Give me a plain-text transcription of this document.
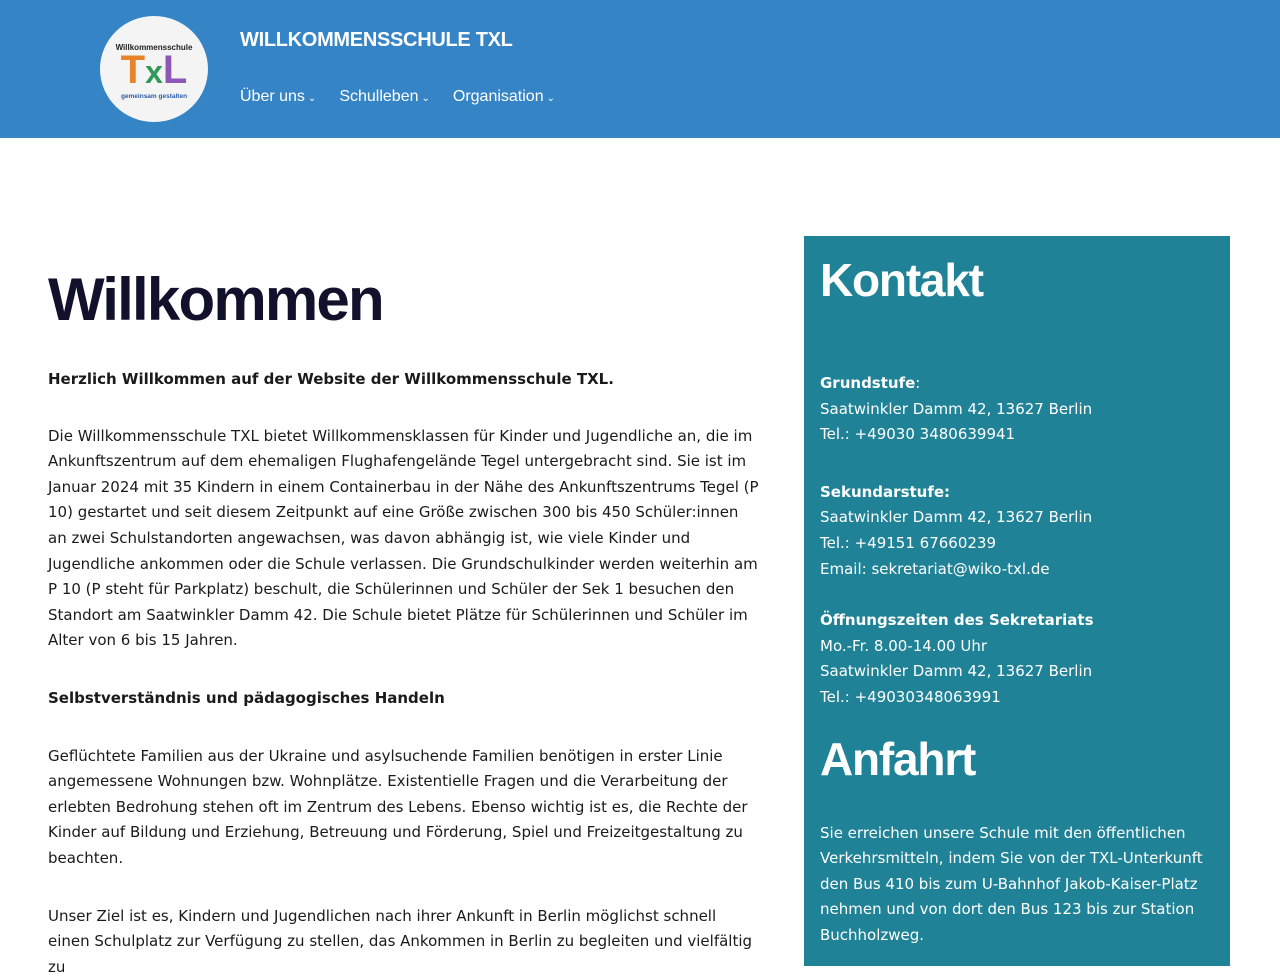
Willkommensschule
TxL
gemeinsam gestalten
WILLKOMMENSSCHULE TXL
Über uns ⌄ Schulleben ⌄ Organisation ⌄
Willkommen

Herzlich Willkommen auf der Website der Willkommensschule TXL.

Die Willkommensschule TXL bietet Willkommensklassen für Kinder und Jugendliche an, die im Ankunftszentrum auf dem ehemaligen Flughafengelände Tegel untergebracht sind. Sie ist im Januar 2024 mit 35 Kindern in einem Containerbau in der Nähe des Ankunftszentrums Tegel (P 10) gestartet und seit diesem Zeitpunkt auf eine Größe zwischen 300 bis 450 Schüler:innen an zwei Schulstandorten angewachsen, was davon abhängig ist, wie viele Kinder und Jugendliche ankommen oder die Schule verlassen. Die Grundschulkinder werden weiterhin am P 10 (P steht für Parkplatz) beschult, die Schülerinnen und Schüler der Sek 1 besuchen den Standort am Saatwinkler Damm 42. Die Schule bietet Plätze für Schülerinnen und Schüler im Alter von 6 bis 15 Jahren.

Selbstverständnis und pädagogisches Handeln

Geflüchtete Familien aus der Ukraine und asylsuchende Familien benötigen in erster Linie angemessene Wohnungen bzw. Wohnplätze. Existentielle Fragen und die Verarbeitung der erlebten Bedrohung stehen oft im Zentrum des Lebens. Ebenso wichtig ist es, die Rechte der Kinder auf Bildung und Erziehung, Betreuung und Förderung, Spiel und Freizeitgestaltung zu beachten.

Unser Ziel ist es, Kindern und Jugendlichen nach ihrer Ankunft in Berlin möglichst schnell einen Schulplatz zur Verfügung zu stellen, das Ankommen in Berlin zu begleiten und vielfältig zu

Kontakt
Grundstufe:
Saatwinkler Damm 42, 13627 Berlin
Tel.: +49030 3480639941
Sekundarstufe:
Saatwinkler Damm 42, 13627 Berlin
Tel.: +49151 67660239
Email: sekretariat@wiko-txl.de
Öffnungszeiten des Sekretariats
Mo.-Fr. 8.00-14.00 Uhr
Saatwinkler Damm 42, 13627 Berlin
Tel.: +49030348063991
Anfahrt

Sie erreichen unsere Schule mit den öffentlichen Verkehrsmitteln, indem Sie von der TXL-Unterkunft den Bus 410 bis zum U-Bahnhof Jakob-Kaiser-Platz nehmen und von dort den Bus 123 bis zur Station Buchholzweg.
